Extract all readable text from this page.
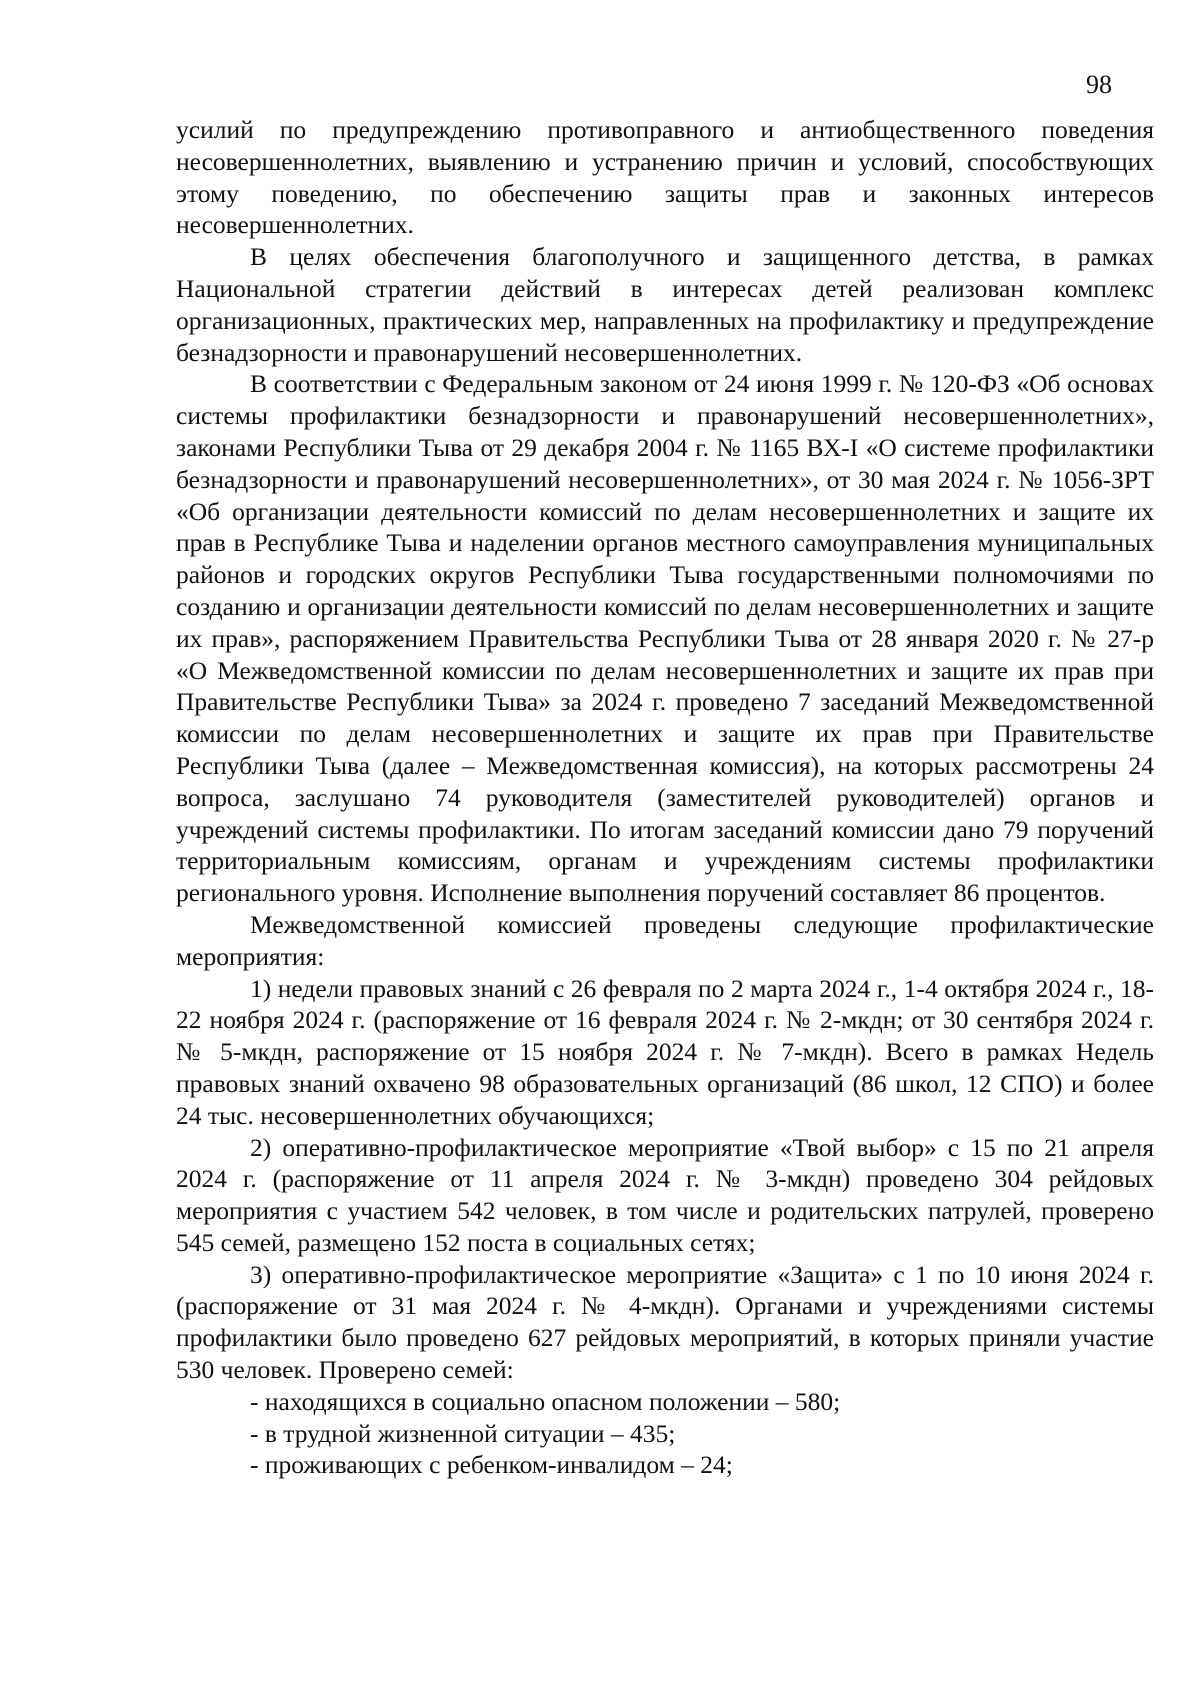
98

усилий по предупреждению противоправного и антиобщественного поведения несовершеннолетних, выявлению и устранению причин и условий, способствующих этому поведению, по обеспечению защиты прав и законных интересов несовершеннолетних.

В целях обеспечения благополучного и защищенного детства, в рамках Национальной стратегии действий в интересах детей реализован комплекс организационных, практических мер, направленных на профилактику и предупреждение безнадзорности и правонарушений несовершеннолетних.

В соответствии с Федеральным законом от 24 июня 1999 г. № 120-ФЗ «Об основах системы профилактики безнадзорности и правонарушений несовершеннолетних», законами Республики Тыва от 29 декабря 2004 г. № 1165 ВХ-I «О системе профилактики безнадзорности и правонарушений несовершеннолетних», от 30 мая 2024 г. № 1056-ЗРТ «Об организации деятельности комиссий по делам несовершеннолетних и защите их прав в Республике Тыва и наделении органов местного самоуправления муниципальных районов и городских округов Республики Тыва государственными полномочиями по созданию и организации деятельности комиссий по делам несовершеннолетних и защите их прав», распоряжением Правительства Республики Тыва от 28 января 2020 г. № 27-р «О Межведомственной комиссии по делам несовершеннолетних и защите их прав при Правительстве Республики Тыва» за 2024 г. проведено 7 заседаний Межведомственной комиссии по делам несовершеннолетних и защите их прав при Правительстве Республики Тыва (далее – Межведомственная комиссия), на которых рассмотрены 24 вопроса, заслушано 74 руководителя (заместителей руководителей) органов и учреждений системы профилактики. По итогам заседаний комиссии дано 79 поручений территориальным комиссиям, органам и учреждениям системы профилактики регионального уровня. Исполнение выполнения поручений составляет 86 процентов.

Межведомственной комиссией проведены следующие профилактические мероприятия:

1) недели правовых знаний с 26 февраля по 2 марта 2024 г., 1-4 октября 2024 г., 18-22 ноября 2024 г. (распоряжение от 16 февраля 2024 г. № 2-мкдн; от 30 сентября 2024 г. № 5-мкдн, распоряжение от 15 ноября 2024 г. № 7-мкдн). Всего в рамках Недель правовых знаний охвачено 98 образовательных организаций (86 школ, 12 СПО) и более 24 тыс. несовершеннолетних обучающихся;

2) оперативно-профилактическое мероприятие «Твой выбор» с 15 по 21 апреля 2024 г. (распоряжение от 11 апреля 2024 г. № 3-мкдн) проведено 304 рейдовых мероприятия с участием 542 человек, в том числе и родительских патрулей, проверено 545 семей, размещено 152 поста в социальных сетях;

3) оперативно-профилактическое мероприятие «Защита» с 1 по 10 июня 2024 г. (распоряжение от 31 мая 2024 г. № 4-мкдн). Органами и учреждениями системы профилактики было проведено 627 рейдовых мероприятий, в которых приняли участие 530 человек. Проверено семей:

- находящихся в социально опасном положении – 580;
- в трудной жизненной ситуации – 435;
- проживающих с ребенком-инвалидом – 24;
